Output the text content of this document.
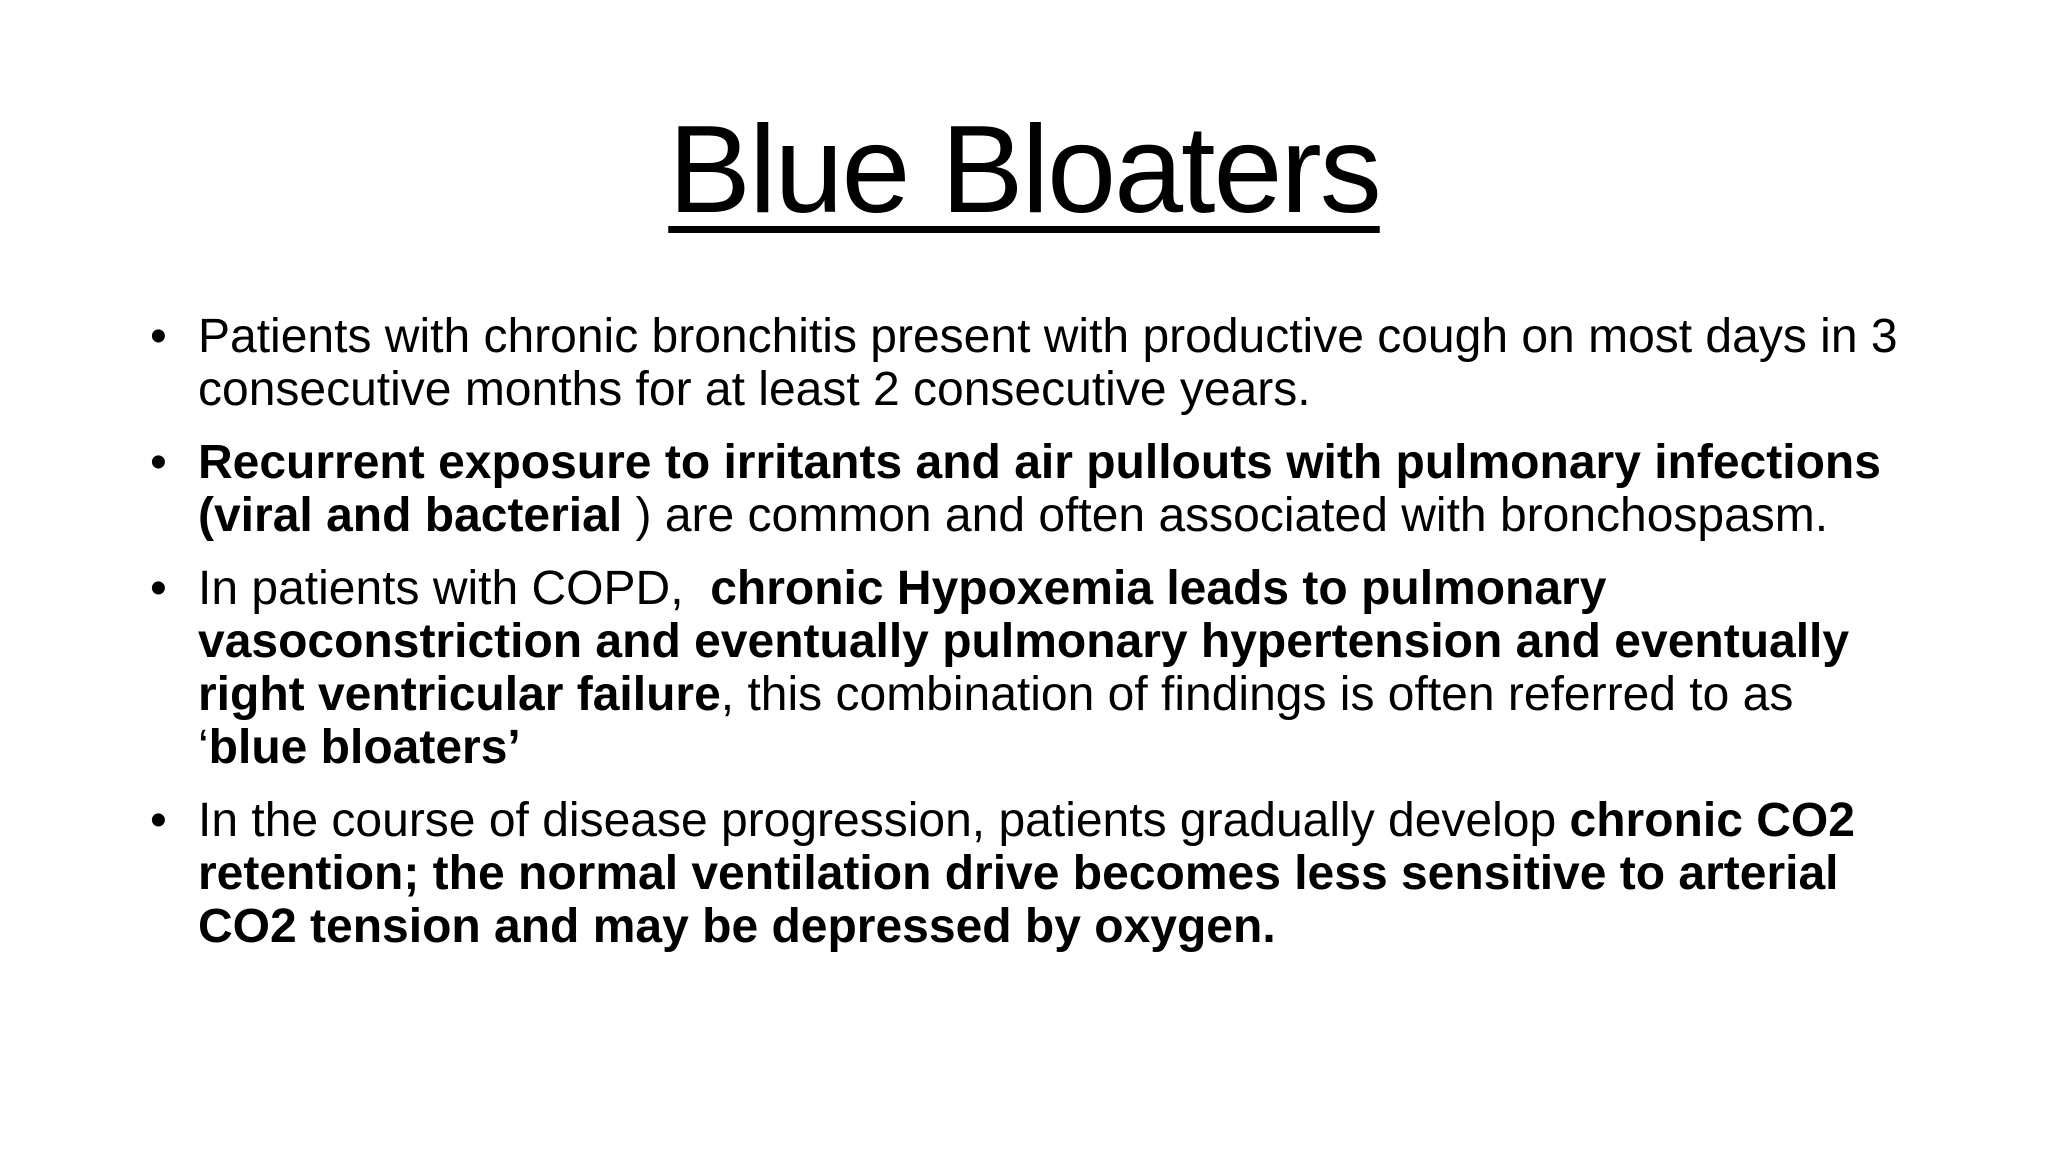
Blue Bloaters
• Patients with chronic bronchitis present with productive cough on most days in 3 consecutive months for at least 2 consecutive years.
• Recurrent exposure to irritants and air pullouts with pulmonary infections (viral and bacterial ) are common and often associated with bronchospasm.
• In patients with COPD,  chronic Hypoxemia leads to pulmonary vasoconstriction and eventually pulmonary hypertension and eventually right ventricular failure, this combination of findings is often referred to as ‘blue bloaters’
• In the course of disease progression, patients gradually develop chronic CO2 retention; the normal ventilation drive becomes less sensitive to arterial CO2 tension and may be depressed by oxygen.
